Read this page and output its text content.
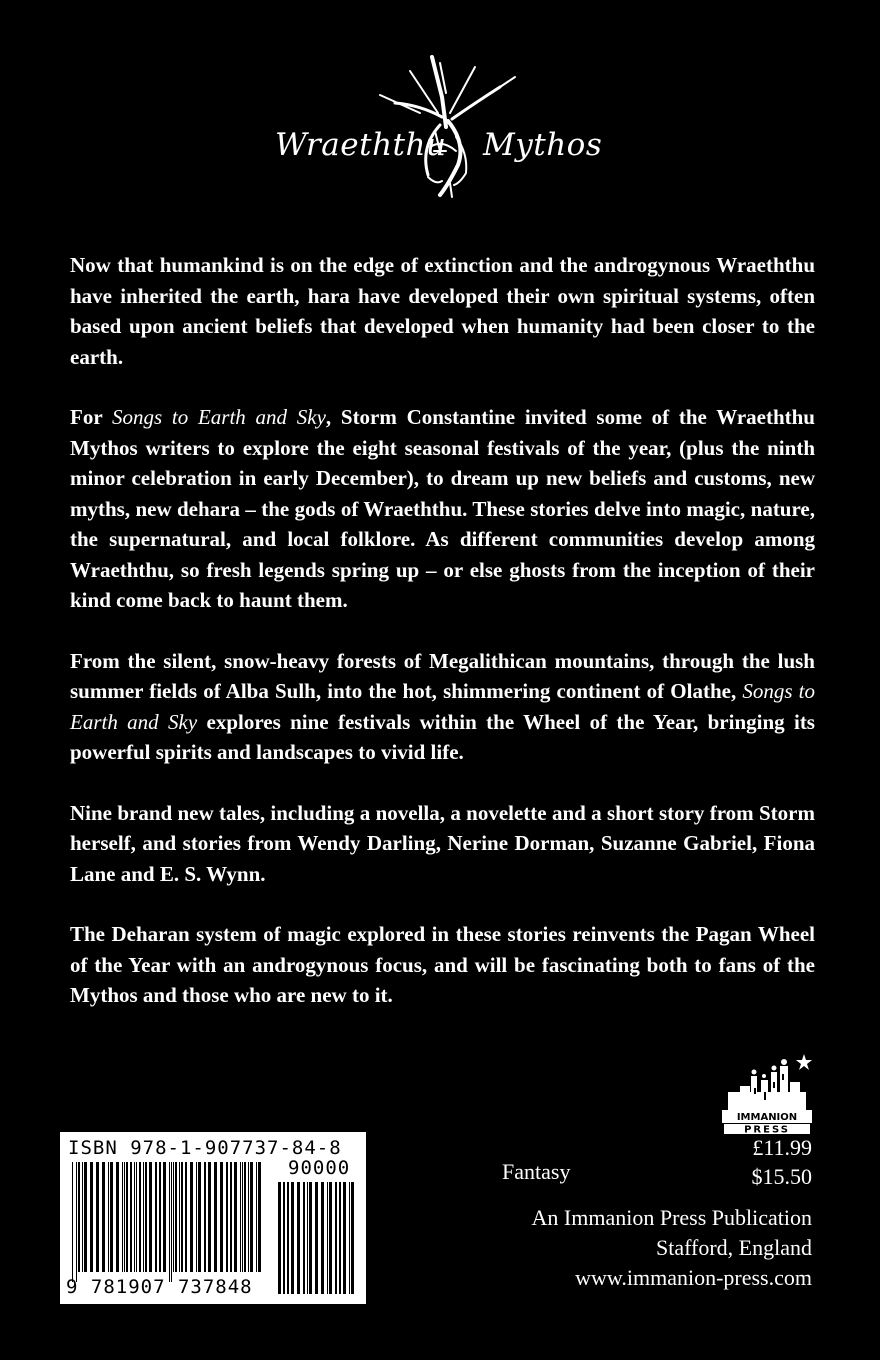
Wraeththu Mythos

Now that humankind is on the edge of extinction and the androgynous Wraeththu have inherited the earth, hara have developed their own spiritual systems, often based upon ancient beliefs that developed when humanity had been closer to the earth.

For Songs to Earth and Sky, Storm Constantine invited some of the Wraeththu Mythos writers to explore the eight seasonal festivals of the year, (plus the ninth minor celebration in early December), to dream up new beliefs and customs, new myths, new dehara – the gods of Wraeththu. These stories delve into magic, nature, the supernatural, and local folklore. As different communities develop among Wraeththu, so fresh legends spring up – or else ghosts from the inception of their kind come back to haunt them.

From the silent, snow-heavy forests of Megalithican mountains, through the lush summer fields of Alba Sulh, into the hot, shimmering continent of Olathe, Songs to Earth and Sky explores nine festivals within the Wheel of the Year, bringing its powerful spirits and landscapes to vivid life.

Nine brand new tales, including a novella, a novelette and a short story from Storm herself, and stories from Wendy Darling, Nerine Dorman, Suzanne Gabriel, Fiona Lane and E. S. Wynn.

The Deharan system of magic explored in these stories reinvents the Pagan Wheel of the Year with an androgynous focus, and will be fascinating both to fans of the Mythos and those who are new to it.

IMMANION
PRESS
ISBN 978-1-907737-84-8
90000
9 781907 737848
£11.99
$15.50
Fantasy
An Immanion Press Publication
Stafford, England
www.immanion-press.com
